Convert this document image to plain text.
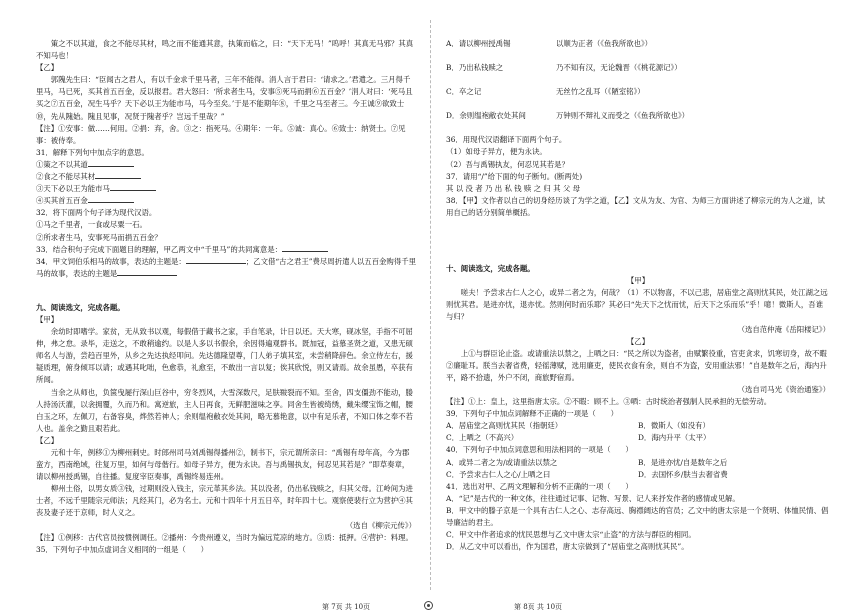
策之不以其道，食之不能尽其材，鸣之而不能通其意，执策而临之，曰：“天下无马！”呜呼！其真无马邪？其真不知马也！

【乙】

郭隗先生曰：“臣闻古之君人，有以千金求千里马者，三年不能得。涓人言于君曰：‘请求之。’君遣之。三月得千里马，马已死，买其首五百金，反以报君。君大怒曰：‘所求者生马，安事⑤死马而捐⑥五百金？’涓人对曰：‘死马且买之⑦五百金，况生马乎？天下必以王为能市马，马今至矣。’于是不能期年⑧，千里之马至者三。今王诚⑨欲致士⑩，先从隗始。隗且见事，况贤于隗者乎？岂远千里哉？”

【注】①安事：做……何用。②捐：弃，舍。③之：指死马。④期年：一年。⑤诚：真心。⑥致士：纳贤士。⑦见事：被侍奉。

31．解释下列句中加点字的意思。

①策之不以其道

②食之不能尽其材

③天下必以王为能市马

④买其首五百金

32．将下面两个句子译为现代汉语。

①马之千里者，一食或尽粟一石。

②所求者生马，安事死马而捐五百金？

33．结合积句子完成下面题目的理解，甲乙两文中“千里马”的共同寓意是：

34．甲文饲伯乐相马的故事，表达的主题是：	；乙文借“古之君王”费尽周折遣人以五百金购得千里马的故事，表达的主题是

九、阅读选文，完成各题。

【甲】

余幼时即嗜学。家贫，无从致书以观，每假借于藏书之家，手自笔录，计日以还。天大寒，砚冰坚，手指不可屈伸，弗之怠。录毕，走送之，不敢稍逾约。以是人多以书假余，余因得遍观群书。既加冠，益慕圣贤之道，又患无硕师名人与游，尝趋百里外，从乡之先达执经叩问。先达德隆望尊，门人弟子填其室，未尝稍降辞色。余立侍左右，援疑质理，俯身倾耳以请；或遇其叱咄，色愈恭，礼愈至，不敢出一言以复；俟其欣悦，则又请焉。故余虽愚，卒获有所闻。

当余之从师也，负箧曳屣行深山巨谷中，穷冬烈风，大雪深数尺，足肤皲裂而不知。至舍，四支僵劲不能动，媵人持汤沃灌，以衾拥覆，久而乃和。寓逆旅，主人日再食，无鲜肥滋味之享。同舍生皆被绮绣，戴朱缨宝饰之帽，腰白玉之环，左佩刀，右备容臭，烨然若神人；余则缊袍敝衣处其间，略无慕艳意，以中有足乐者，不知口体之奉不若人也。盖余之勤且艰若此。

【乙】

元和十年，例移①为柳州刺史。时郎州司马刘禹锡得播州②，制书下，宗元谓所亲曰：“禹锡有母年高，今为郡蛮方，西南绝域，往复万里，如何与母偕行。如母子异方，便为永诀。吾与禹锡执友，何忍见其若是？”即草奏章，请以柳州授禹锡，自往播。复度宰臣奏事，禹锡终易连州。

柳州土俗，以男女质③钱，过期则没入钱主，宗元革其乡法。其以没者，仍出私钱赎之，归其父母。江岭间为进士者，不远千里随宗元师法；凡经其门，必为名士。元和十四年十月五日卒，时年四十七。观察使裴行立为营护④其丧及妻子还于京师，时人义之。

（选自《柳宗元传》）

【注】①例移：古代官员按惯例调任。②播州：今贵州遵义，当时为偏远荒凉的地方。③质：抵押。④营护：料理。

35．下列句子中加点虚词含义相同的一组是（　　）

A．请以柳州授禹锡	以顺为正者（《鱼我所欲也》）
B．乃出私钱赎之	乃不知有汉，无论魏晋（《桃花源记》）
C．卒之记	无丝竹之乱耳（《陋室铭》）
D．余则缊袍敝衣处其间	万钟则不辩礼义而受之（《鱼我所欲也》）

36．用现代汉语翻译下面两个句子。

（1）如母子异方，便为永诀。

（2）吾与禹锡执友，何忍见其若是？

37．请用“/”给下面的句子断句。(断两处)

其 以 没 者 乃 出 私 钱 赎 之 归 其 父 母

38．【甲】文作者以自己的切身经历谈了为学之道，【乙】文从为友、为官、为师三方面讲述了柳宗元的为人之道，试用自己的话分别简单概括。

十、阅读选文，完成各题。

【甲】

嗟夫！予尝求古仁人之心，或异二者之为，何哉？（1）不以物喜，不以己悲，居庙堂之高则忧其民，处江湖之远则忧其君。是进亦忧，退亦忧。然则何时而乐耶？其必曰“先天下之忧而忧，后天下之乐而乐”乎！噫！微斯人，吾谁与归？

（选自范仲淹《岳阳楼记》）

【乙】

上①与群臣论止盗。或请重法以禁之，上哂之曰：“民之所以为盗者，由赋繁役重，官吏贪求，饥寒切身，故不暇②廉耻耳。朕当去奢省费，轻徭薄赋，选用廉吏，使民衣食有余，则自不为盗，安用重法邪！”自是数年之后，海内升平，路不拾遗，外户不闭，商旅野宿焉。

（选自司马光《资治通鉴》）

【注】①上：皇上，这里指唐太宗。②不暇：顾不上。③哂：古时统治者强制人民承担的无偿劳动。

39．下列句子中加点词解释不正确的一项是（　　）

A．居庙堂之高则忧其民（指朝廷）	B．微斯人（如没有）
C．上哂之（不高兴）	D．海内升平（太平）

40．下列句子中加点词意思和用法相同的一项是（　　）

A．或异二者之为/或请重法以禁之	B．是进亦忧/自是数年之后
C．予尝求古仁人之心/上哂之曰	D．去国怀乡/肤当去奢省费

41．选出对甲、乙两文理解和分析不正确的一项（　　）

A．“记”是古代的一种文体，往往通过记事、记物、写景、记人来抒发作者的感情或见解。

B．甲文中的滕子京是一个具有古仁人之心、志存高远、胸襟阔达的官员；乙文中的唐太宗是一个贤明、体恤民情、倡导廉洁的君主。

C．甲文中作者追求的忧民思想与乙文中唐太宗“止盗”的方法与群臣的相同。

D．从乙文中可以看出，作为国君，唐太宗做到了“居庙堂之高则忧其民”。

第 7页 共 10页	第 8页 共 10页
